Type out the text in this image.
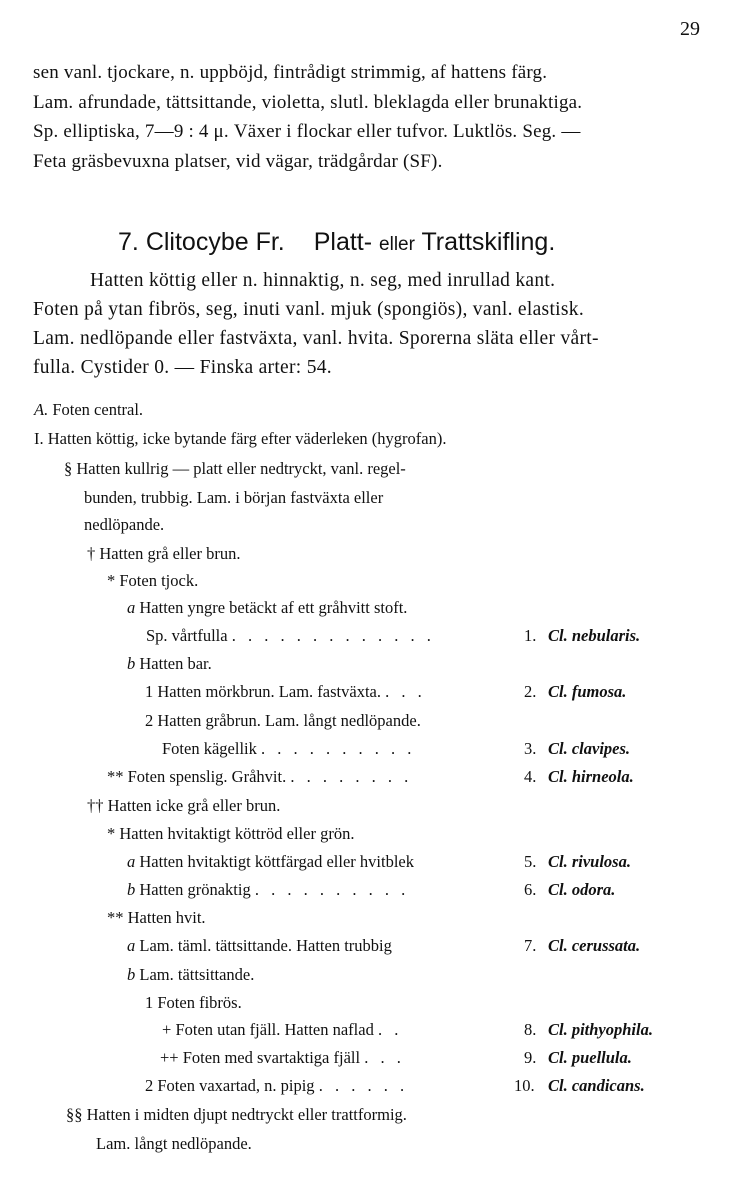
29
sen vanl. tjockare, n. uppböjd, fintrådigt strimmig, af hattens färg.
Lam. afrundade, tättsittande, violetta, slutl. bleklagda eller brunaktiga.
Sp. elliptiska, 7—9 : 4 μ. Växer i flockar eller tufvor. Luktlös. Seg. —
Feta gräsbevuxna platser, vid vägar, trädgårdar (SF).
7. Clitocybe Fr. Platt- eller Trattskifling.
Hatten köttig eller n. hinnaktig, n. seg, med inrullad kant.
Foten på ytan fibrös, seg, inuti vanl. mjuk (spongiös), vanl. elastisk.
Lam. nedlöpande eller fastväxta, vanl. hvita. Sporerna släta eller vårt-
fulla. Cystider 0. — Finska arter: 54.
A. Foten central.
I. Hatten köttig, icke bytande färg efter väderleken (hygrofan).
§ Hatten kullrig — platt eller nedtryckt, vanl. regel-
bunden, trubbig. Lam. i början fastväxta eller
nedlöpande.
† Hatten grå eller brun.
* Foten tjock.
a Hatten yngre betäckt af ett gråhvitt stoft.
Sp. vårtfulla . . . . . . . . . . . . .
b Hatten bar.
1 Hatten mörkbrun. Lam. fastväxta. . . .
2 Hatten gråbrun. Lam. långt nedlöpande.
Foten kägellik . . . . . . . . . .
** Foten spenslig. Gråhvit. . . . . . . . .
†† Hatten icke grå eller brun.
* Hatten hvitaktigt köttröd eller grön.
a Hatten hvitaktigt köttfärgad eller hvitblek
b Hatten grönaktig . . . . . . . . . .
** Hatten hvit.
a Lam. täml. tättsittande. Hatten trubbig
b Lam. tättsittande.
1 Foten fibrös.
+ Foten utan fjäll. Hatten naflad . .
++ Foten med svartaktiga fjäll . . .
2 Foten vaxartad, n. pipig . . . . . .
§§ Hatten i midten djupt nedtryckt eller trattformig.
Lam. långt nedlöpande.
1. Cl. nebularis.
2. Cl. fumosa.
3. Cl. clavipes.
4. Cl. hirneola.
5. Cl. rivulosa.
6. Cl. odora.
7. Cl. cerussata.
8. Cl. pithyophila.
9. Cl. puellula.
10. Cl. candicans.
